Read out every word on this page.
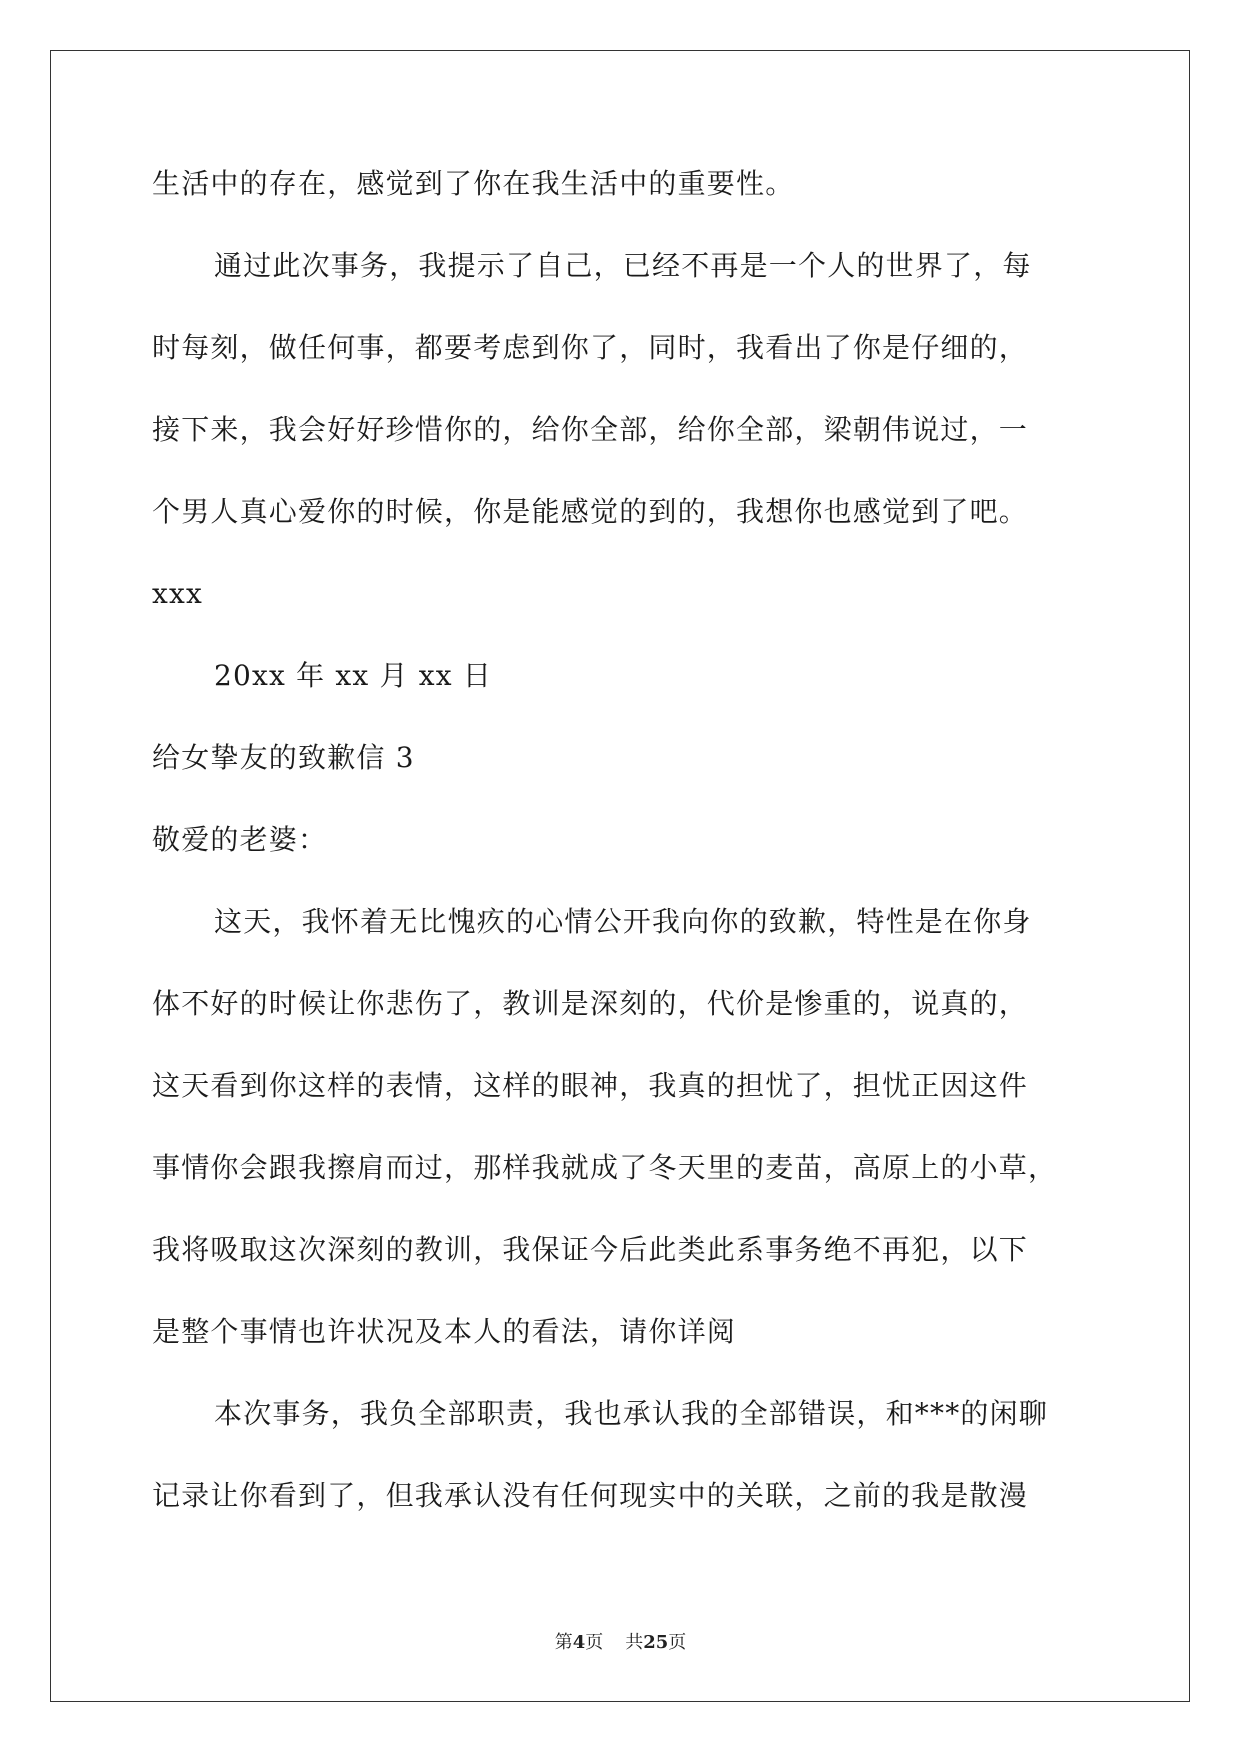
生活中的存在，感觉到了你在我生活中的重要性。
通过此次事务，我提示了自己，已经不再是一个人的世界了，每
时每刻，做任何事，都要考虑到你了，同时，我看出了你是仔细的，
接下来，我会好好珍惜你的，给你全部，给你全部，梁朝伟说过，一
个男人真心爱你的时候，你是能感觉的到的，我想你也感觉到了吧。
xxx
20xx 年 xx 月 xx 日
给女挚友的致歉信 3
敬爱的老婆：
这天，我怀着无比愧疚的心情公开我向你的致歉，特性是在你身
体不好的时候让你悲伤了，教训是深刻的，代价是惨重的，说真的，
这天看到你这样的表情，这样的眼神，我真的担忧了，担忧正因这件
事情你会跟我擦肩而过，那样我就成了冬天里的麦苗，高原上的小草，
我将吸取这次深刻的教训，我保证今后此类此系事务绝不再犯，以下
是整个事情也许状况及本人的看法，请你详阅
本次事务，我负全部职责，我也承认我的全部错误，和***的闲聊
记录让你看到了，但我承认没有任何现实中的关联，之前的我是散漫
第4页 共25页
